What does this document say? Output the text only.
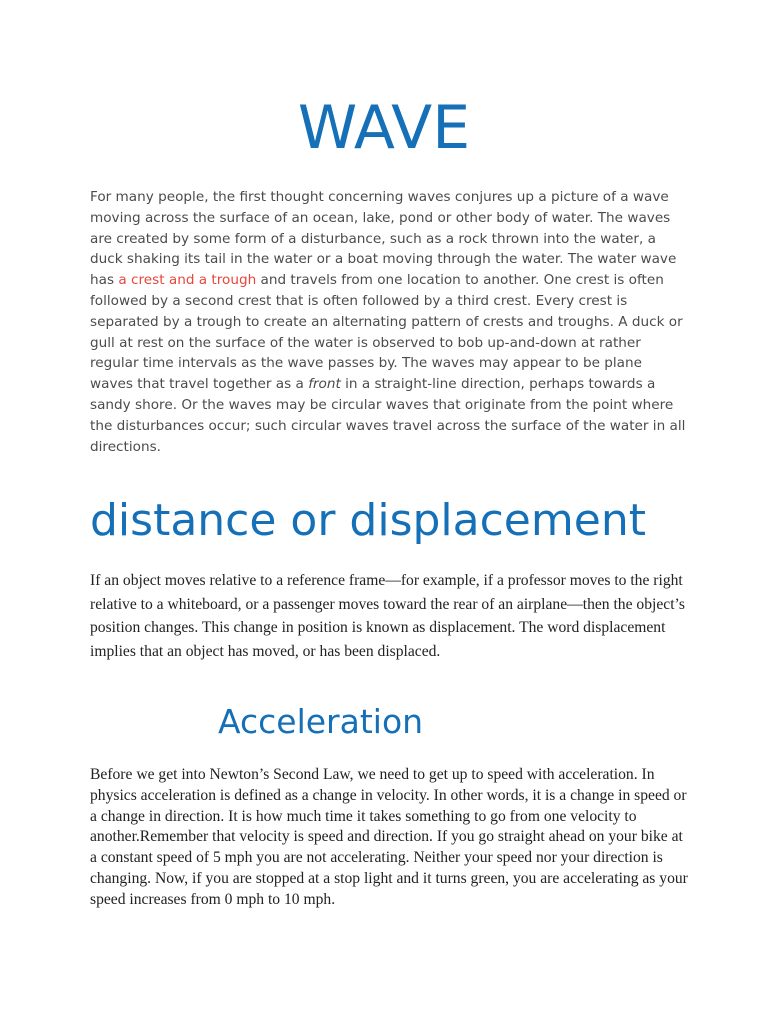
WAVE

For many people, the first thought concerning waves conjures up a picture of a wave moving across the surface of an ocean, lake, pond or other body of water. The waves are created by some form of a disturbance, such as a rock thrown into the water, a duck shaking its tail in the water or a boat moving through the water. The water wave has a crest and a trough and travels from one location to another. One crest is often followed by a second crest that is often followed by a third crest. Every crest is separated by a trough to create an alternating pattern of crests and troughs. A duck or gull at rest on the surface of the water is observed to bob up-and-down at rather regular time intervals as the wave passes by. The waves may appear to be plane waves that travel together as a front in a straight-line direction, perhaps towards a sandy shore. Or the waves may be circular waves that originate from the point where the disturbances occur; such circular waves travel across the surface of the water in all directions.

distance or displacement

If an object moves relative to a reference frame—for example, if a professor moves to the right relative to a whiteboard, or a passenger moves toward the rear of an airplane—then the object’s position changes. This change in position is known as displacement. The word displacement implies that an object has moved, or has been displaced.

Acceleration

Before we get into Newton’s Second Law, we need to get up to speed with acceleration. In physics acceleration is defined as a change in velocity. In other words, it is a change in speed or a change in direction. It is how much time it takes something to go from one velocity to another.Remember that velocity is speed and direction. If you go straight ahead on your bike at a constant speed of 5 mph you are not accelerating. Neither your speed nor your direction is changing. Now, if you are stopped at a stop light and it turns green, you are accelerating as your speed increases from 0 mph to 10 mph.
